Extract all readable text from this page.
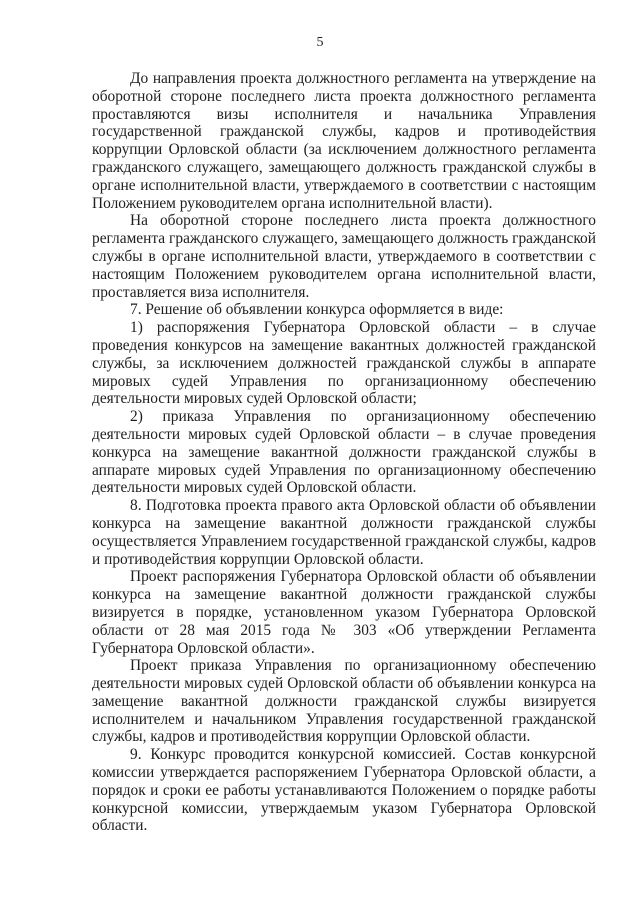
5

До направления проекта должностного регламента на утверждение на оборотной стороне последнего листа проекта должностного регламента проставляются визы исполнителя и начальника Управления государственной гражданской службы, кадров и противодействия коррупции Орловской области (за исключением должностного регламента гражданского служащего, замещающего должность гражданской службы в органе исполнительной власти, утверждаемого в соответствии с настоящим Положением руководителем органа исполнительной власти).

На оборотной стороне последнего листа проекта должностного регламента гражданского служащего, замещающего должность гражданской службы в органе исполнительной власти, утверждаемого в соответствии с настоящим Положением руководителем органа исполнительной власти, проставляется виза исполнителя.

7. Решение об объявлении конкурса оформляется в виде:

1) распоряжения Губернатора Орловской области – в случае проведения конкурсов на замещение вакантных должностей гражданской службы, за исключением должностей гражданской службы в аппарате мировых судей Управления по организационному обеспечению деятельности мировых судей Орловской области;

2) приказа Управления по организационному обеспечению деятельности мировых судей Орловской области – в случае проведения конкурса на замещение вакантной должности гражданской службы в аппарате мировых судей Управления по организационному обеспечению деятельности мировых судей Орловской области.

8. Подготовка проекта правого акта Орловской области об объявлении конкурса на замещение вакантной должности гражданской службы осуществляется Управлением государственной гражданской службы, кадров и противодействия коррупции Орловской области.

Проект распоряжения Губернатора Орловской области об объявлении конкурса на замещение вакантной должности гражданской службы визируется в порядке, установленном указом Губернатора Орловской области от 28 мая 2015 года № 303 «Об утверждении Регламента Губернатора Орловской области».

Проект приказа Управления по организационному обеспечению деятельности мировых судей Орловской области об объявлении конкурса на замещение вакантной должности гражданской службы визируется исполнителем и начальником Управления государственной гражданской службы, кадров и противодействия коррупции Орловской области.

9. Конкурс проводится конкурсной комиссией. Состав конкурсной комиссии утверждается распоряжением Губернатора Орловской области, а порядок и сроки ее работы устанавливаются Положением о порядке работы конкурсной комиссии, утверждаемым указом Губернатора Орловской области.
